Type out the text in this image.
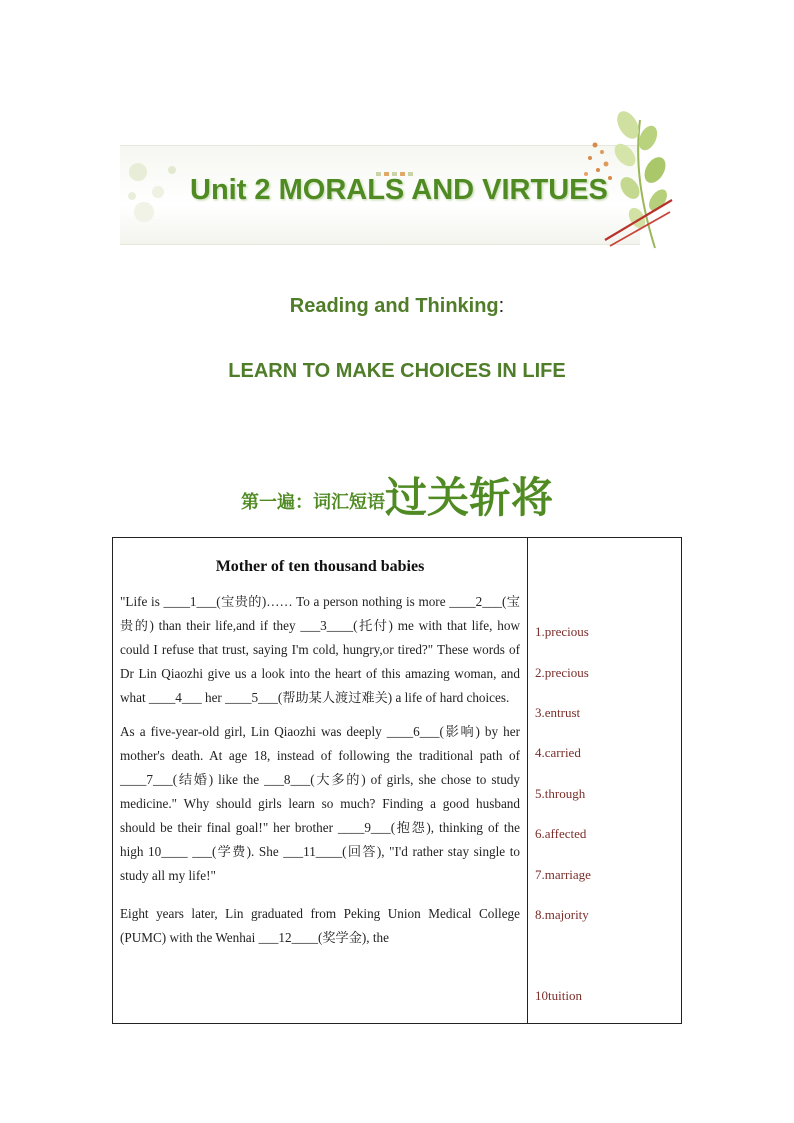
Unit 2 MORALS AND VIRTUES
Reading and Thinking:
LEARN TO MAKE CHOICES IN LIFE
第一遍：词汇短语过关斩将
Mother of ten thousand babies

"Life is ____1___(宝贵的)…… To a person nothing is more ____2___(宝贵的) than their life,and if they ___3____(托付) me with that life, how could I refuse that trust, saying I'm cold, hungry,or tired?" These words of Dr Lin Qiaozhi give us a look into the heart of this amazing woman, and what ____4___ her ____5___(帮助某人渡过难关) a life of hard choices.

As a five-year-old girl, Lin Qiaozhi was deeply ____6___(影响) by her mother's death. At age 18, instead of following the traditional path of ____7___(结婚) like the ___8___(大多的) of girls, she chose to study medicine." Why should girls learn so much? Finding a good husband should be their final goal!" her brother ____9___(抱怨), thinking of the high 10____ ___(学费). She ___11____(回答), "I'd rather stay single to study all my life!"

Eight years later, Lin graduated from Peking Union Medical College (PUMC) with the Wenhai ___12____(奖学金), the

1.precious
2.precious
3.entrust
4.carried
5.through
6.affected
7.marriage
8.majority
10tuition
